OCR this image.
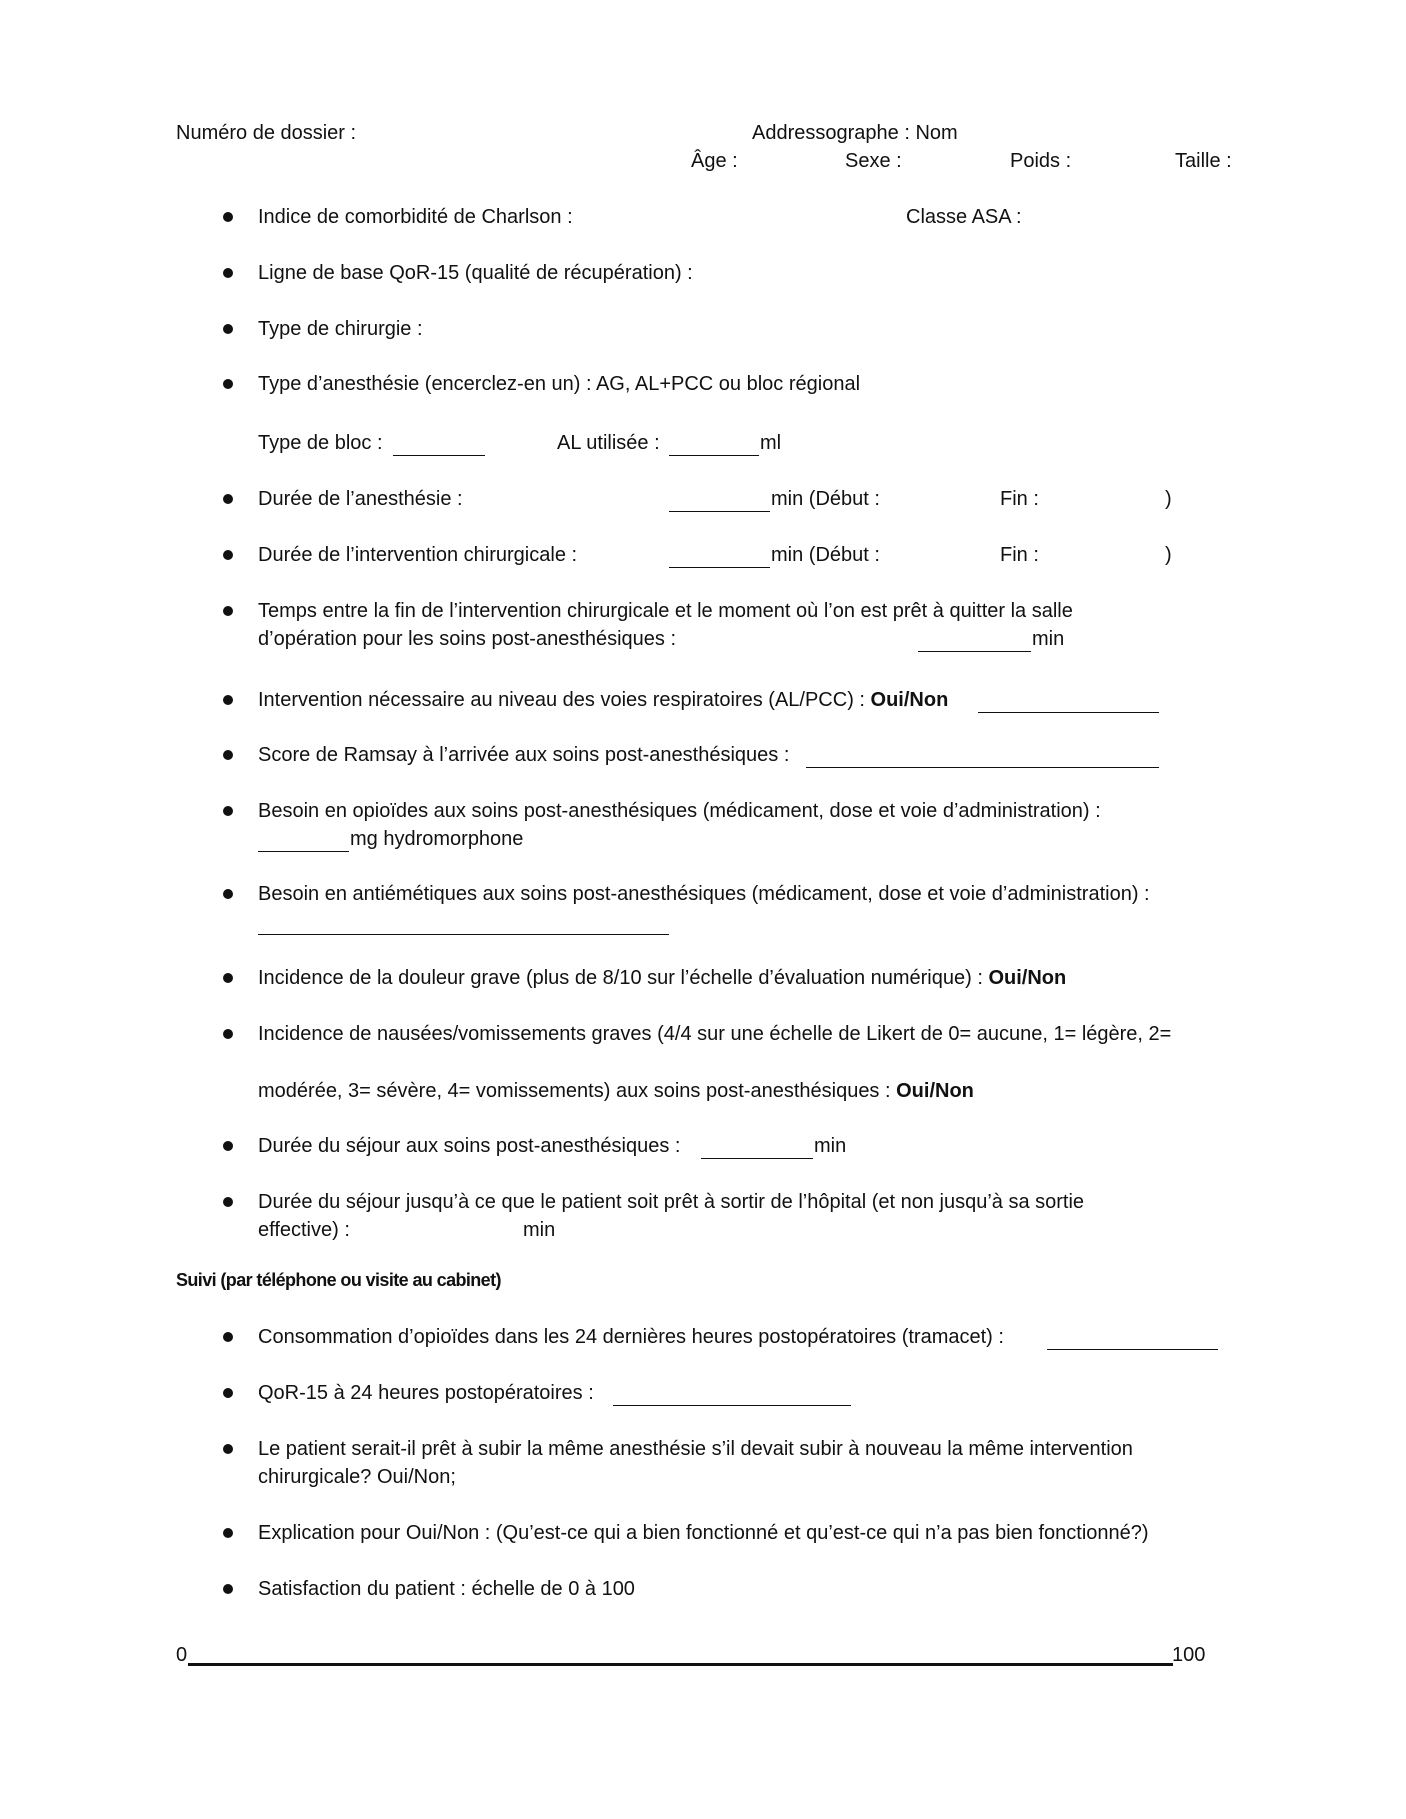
Numéro de dossier :	Addressographe : Nom
Âge :	Sexe :	Poids :	Taille :
Indice de comorbidité de Charlson :	Classe ASA :
Ligne de base QoR-15 (qualité de récupération) :
Type de chirurgie :
Type d’anesthésie (encerclez-en un) : AG, AL+PCC ou bloc régional
Type de bloc :	AL utilisée :	ml
Durée de l’anesthésie :	min (Début :	Fin :	)
Durée de l’intervention chirurgicale :	min (Début :	Fin :	)
Temps entre la fin de l’intervention chirurgicale et le moment où l’on est prêt à quitter la salle
d’opération pour les soins post-anesthésiques :	min
Intervention nécessaire au niveau des voies respiratoires (AL/PCC) : Oui/Non
Score de Ramsay à l’arrivée aux soins post-anesthésiques :
Besoin en opioïdes aux soins post-anesthésiques (médicament, dose et voie d’administration) :
mg hydromorphone
Besoin en antiémétiques aux soins post-anesthésiques (médicament, dose et voie d’administration) :
Incidence de la douleur grave (plus de 8/10 sur l’échelle d’évaluation numérique) : Oui/Non
Incidence de nausées/vomissements graves (4/4 sur une échelle de Likert de 0= aucune, 1= légère, 2=
modérée, 3= sévère, 4= vomissements) aux soins post-anesthésiques : Oui/Non
Durée du séjour aux soins post-anesthésiques :	min
Durée du séjour jusqu’à ce que le patient soit prêt à sortir de l’hôpital (et non jusqu’à sa sortie
effective) :	min
Suivi (par téléphone ou visite au cabinet)
Consommation d’opioïdes dans les 24 dernières heures postopératoires (tramacet) :
QoR-15 à 24 heures postopératoires :
Le patient serait-il prêt à subir la même anesthésie s’il devait subir à nouveau la même intervention
chirurgicale? Oui/Non;
Explication pour Oui/Non : (Qu’est-ce qui a bien fonctionné et qu’est-ce qui n’a pas bien fonctionné?)
Satisfaction du patient : échelle de 0 à 100
0	100
